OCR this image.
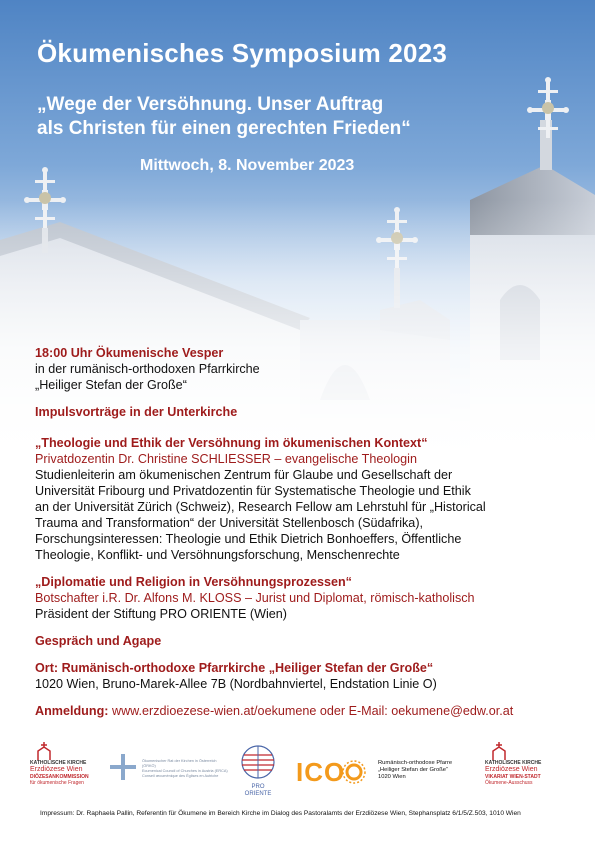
Ökumenisches Symposium 2023
„Wege der Versöhnung. Unser Auftrag
als Christen für einen gerechten Frieden“

Mittwoch, 8. November 2023

18:00 Uhr Ökumenische Vesper

in der rumänisch-orthodoxen Pfarrkirche

„Heiliger Stefan der Große“

Impulsvorträge in der Unterkirche

„Theologie und Ethik der Versöhnung im ökumenischen Kontext“

Privatdozentin Dr. Christine SCHLIESSER – evangelische Theologin

Studienleiterin am ökumenischen Zentrum für Glaube und Gesellschaft der

Universität Fribourg und Privatdozentin für Systematische Theologie und Ethik

an der Universität Zürich (Schweiz), Research Fellow am Lehrstuhl für „Historical

Trauma and Transformation“ der Universität Stellenbosch (Südafrika),

Forschungsinteressen: Theologie und Ethik Dietrich Bonhoeffers, Öffentliche

Theologie, Konflikt- und Versöhnungsforschung, Menschenrechte

„Diplomatie und Religion in Versöhnungsprozessen“

Botschafter i.R. Dr. Alfons M. KLOSS – Jurist und Diplomat, römisch-katholisch

Präsident der Stiftung PRO ORIENTE (Wien)

Gespräch und Agape

Ort: Rumänisch-orthodoxe Pfarrkirche „Heiliger Stefan der Große“

1020 Wien, Bruno-Marek-Allee 7B (Nordbahnviertel, Endstation Linie O)

Anmeldung: www.erzdioezese-wien.at/oekumene oder E-Mail: oekumene@edw.or.at

KATHOLISCHE KIRCHE
Erzdiözese Wien
DIÖZESANKOMMISSION
für ökumenische Fragen
Ökumenischer Rat der Kirchen in Österreich (ÖRKÖ)
Ecumenical Council of Churches in Austria (ERCA)
Conseil œcuménique des Églises en Autriche
PRO ORIENTE
ICO	Rumänisch-orthodoxe Pfarre
„Heiliger Stefan der Große“
1020 Wien
KATHOLISCHE KIRCHE
Erzdiözese Wien
VIKARIAT WIEN-STADT
Ökumene-Ausschuss
Impressum: Dr. Raphaela Pallin, Referentin für Ökumene im Bereich Kirche im Dialog des Pastoralamts der Erzdiözese Wien, Stephansplatz 6/1/5/Z.503, 1010 Wien
